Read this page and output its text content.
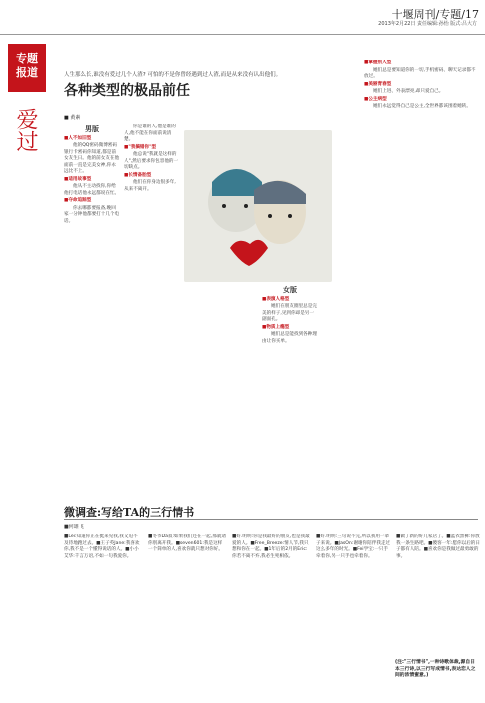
十堰周刊/专题/17
2013年2月22日 责任编辑:孙怡 版式:吕大方
专题
报道
爱过
人生那么长,谁没有爱过几个人渣? 可怕的不是你曾经遇到过人渣,而是从来没有认出他们。
各种类型的极品前任
■ 黄素
男版

■人不如旧型

他的QQ密码微博密码银行卡密码你知道,都是前女友生日。他的前女友在他面前一直是完美女神,你永远比不上。

■适用故事型

他从不主动找你,你给他打电话他永远都说在忙。

■夺命追踪型

你去哪都要报备,晚回家一分钟他都要打十几个电话。

你是谁的人,他是谁的人,他不能在你面前说清楚。

■"我搞错你"型

他总说"我就是这样的人",然后要求你包容他的一切缺点。

■长情备胎型

他们在你身边很多年,从来不离开。

女版

■表演人格型

她们在朋友圈里总是完美的样子,见到你却是另一副面孔。

■物质上瘾型

她们总是能找到各种理由让你买单。

■掌握别人型

她们总是要知道你的一切,手机密码、聊天记录都不放过。

■美丽青春型

她们上进、外表漂亮,却只爱自己。

■公主病型

她们永远觉得自己是公主,全世界都该围着她转。

微调查:写给TA的三行情书
■何雄飞
■Lei:知道你正在挺来见我,我又迫不及待地跑过去。■王子英Jane:我喜欢你,我不是一个懂得说话的人。■小小艾华:千言万语,不如一句我爱你。
■冬爷Da叔:如果我们还在一起,那就请你别离开我。■seven601:我是这样一个简单的人,喜欢你就只想对你好。
■好.明明:你是我最好的朋友,也是我最爱的人。■Free_Breeze:情人节,我只想和你在一起。■1年后的2月的Eric:你若不离不弃,我必生死相依。
■好.明明:三句说不完,所以我用一辈子来说。■JasOn:谢谢你陪伴我走过这么多年的时光。■Fei学宝:一只手牵着你,另一只手也牵着你。
■做了新的好几家店了。■蓝衣黑裤:你放我一条生路吧。■傻客一年:愿你以后的日子都有人陪。■喜欢你是我做过最勇敢的事。
(注:"三行情书",一种诗歌体裁,源自日本三行诗,以三行写成情书,表达恋人之间的浓情蜜意。)
